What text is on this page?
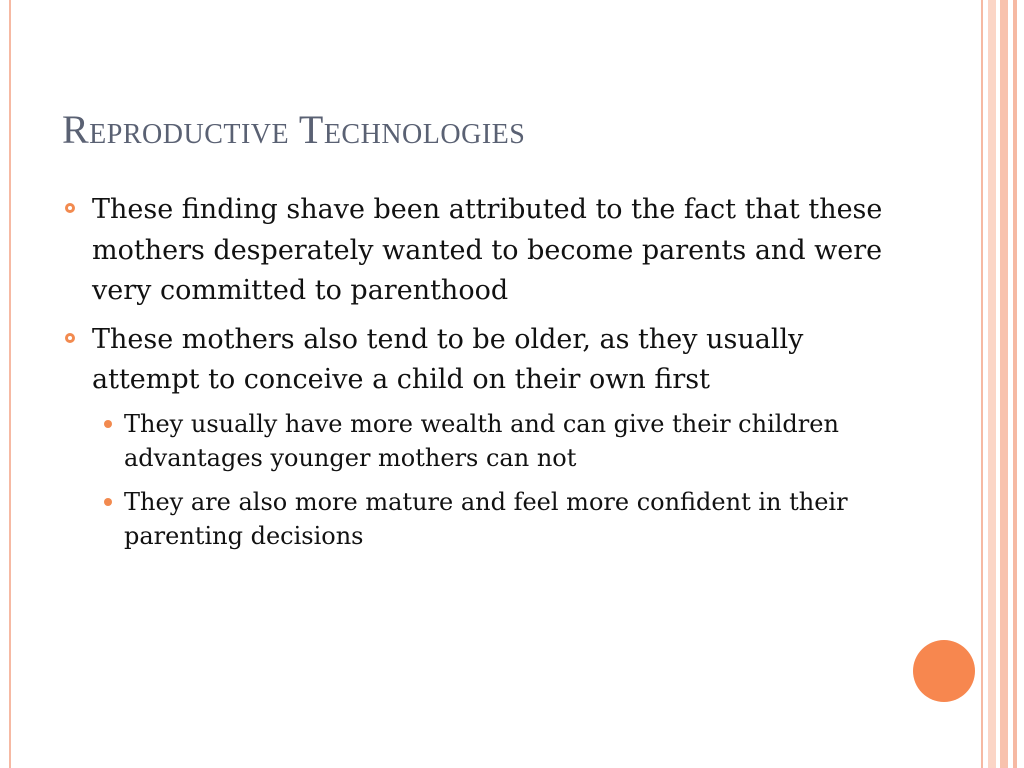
Reproductive Technologies
These finding shave been attributed to the fact that these mothers desperately wanted to become parents and were very committed to parenthood
These mothers also tend to be older, as they usually attempt to conceive a child on their own first
They usually have more wealth and can give their children advantages younger mothers can not
They are also more mature and feel more confident in their parenting decisions
